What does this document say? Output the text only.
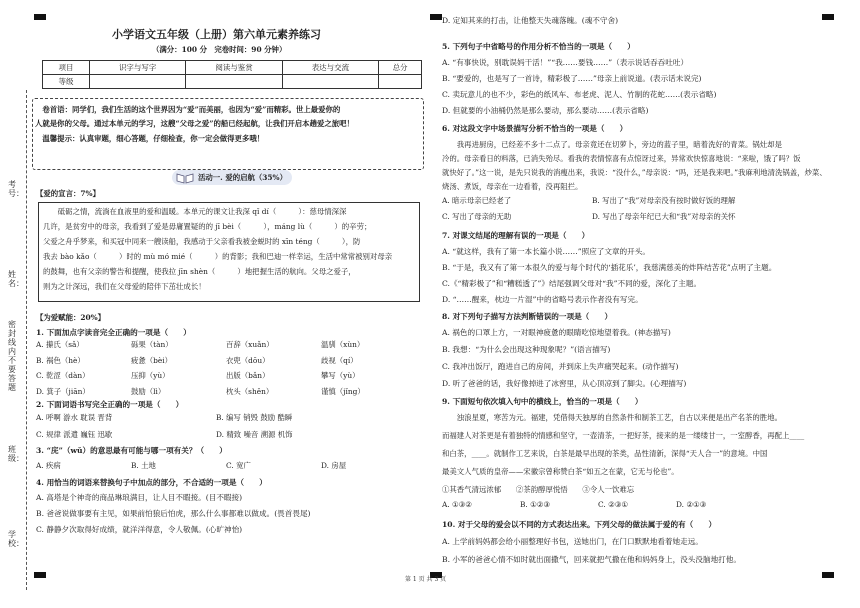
考号：
姓名：
密 封 线 内 不 要 答 题
班级：
学校：
小学语文五年级（上册）第六单元素养练习
（满分：100 分　完卷时间：90 分钟）
项目	识字与写字	阅读与鉴赏	表达与交流	总分
等级				
　卷首语：同学们，我们生活的这个世界因为“爱”而美丽，也因为“爱”而精彩。世上最爱你的
人就是你的父母。通过本单元的学习，这艘“父母之爱”的船已经起航，让我们开启本趟爱之旅吧！
　温馨提示：认真审题，细心答题，仔细检查，你一定会做得更多哦！
活动一. 爱的启航（35%）
【爱的宣言：7%】
　　砥砺之情，流淌在血液里的爱和温暖。本单元的课文让我深 qǐ dí（　　　）：慈母情深深
几许，是贫穷中的母亲，我看到了爱是毋庸置疑的的 jī bèi（　　　），máng lù（　　　）的辛劳；
父爱之舟乎梦来，和买冠中同来一艘读船，我感动于父亲看我被金蜕时的 xīn téng（　　　），防
我去 bào kǎo（　　　）时的 mù mó mié（　　　）的背影；我和巴迪一样幸运，生活中常常被别对母亲
的鼓舞，也有父亲的警告和提醒，使我拉 jīn shèn（　　　）地把握生活的航向。父母之爱子，
则为之计深远，我们在父母爱的陪伴下茁壮成长！
【为爱赋能：20%】
1. 下面加点字读音完全正确的一项是（　　）
A. 攥氏（sǎ）	砾果（tàn）	百辞（xuǎn）	温驯（xùn）
B. 祸色（hè）	疲惫（bèi）	衣兜（dōu）	歧视（qí）
C. 乾涩（dàn）	压抑（yù）	出版（bǎn）	攀写（yù）
D. 箕子（jiān）	鼓励（lì）	枕头（shěn）	谨慎（jǐng）
2. 下面词语书写完全正确的一项是（　　）
A. 呼啊 游水 耽误 晋背	B. 编写 销毁 鼓励 酷瞬
C. 规律 派遣 巍钰 迅歇	D. 精致 噪音 溯源 机饰
3. “庑”（wǔ）的意思最有可能与哪一项有关？（　　）
A. 疾病	B. 土地	C. 宽广	D. 房屋
4. 用恰当的词语来替换句子中加点的部分，不合适的一项是（　　）
A. 高塔是个神奇的商品琳琅满目，让人目不暇接。(目不暇接)
B. 爸爸说做事要有主见，如果前怕狼后怕虎，那么什么事都难以做成。(畏首畏尾)
C. 静静夕次取得好成绩，就洋洋得意，令人敬佩。(心旷神怡)
D. 定知其来的打击，让他整天失魂落魄。(魂不守舍)
5. 下列句子中省略号的作用分析不恰当的一项是（　　）
A. “有事快说，别耽误妈干活！”“我……要钱……”（表示说话吞吞吐吐）
B. “要爱的，也是写了一首诗，精彩极了……”母亲上前说道。(表示话未说完)
C. 卖玩意儿的也不少，彩色的纸风车、布老虎、泥人、竹制的花蛇……(表示省略)
D. 但就要的小油桶仍然是那么要动，那么要动……(表示省略)
6. 对这段文字中场景描写分析不恰当的一项是（　　）
　　我再进厨房，已经差不多十二点了。母亲竟还在切萝卜，旁边的蓝子里，暗着洗好的青菜。锅灶却是
冷的。母亲看日的料落，已消失殆尽。看我的表情惊喜有点惊讶过来，异常欢快惊喜地说：“来啦，饿了吗？饭
就快好了。”这一说，是先只说我的消瘦出来，我说：“没什么，”母亲说：“吗，还是我来吧。”我麻利地清洗锅盖，炒菜、
烧汤、煮饭，母亲在一边看着，没再阻拦。
A. 暗示母亲已经老了	B. 写出了“我”对母亲没有按时做好饭的理解
C. 写出了母亲的无助	D. 写出了母亲年纪已大和“我”对母亲的关怀
7. 对课文结尾的理解有误的一项是（　　）
A. “就这样，我有了第一本长篇小说……”照应了文章的开头。
B. “于是，我又有了第一本很久的爱与每个时代的‘插花乐’，我慈满慈美的炸阵结苦花”点明了主题。
C.《“精彩极了”和“糟糕透了”》结尾强调父母对“我”不同的爱，深化了主题。
D. “……醒来，枕边一片湿”中的省略号表示作者没有写完。
8. 对下列句子描写方法判断错误的一项是（　　）
A. 祸色的口罩上方，一对眼神疲惫的眼睛吃惊地望着我。(神态描写)
B. 我想：“为什么会出现这种现象呢？”(语言描写)
C. 我冲出饭厅，跑进自己的房间，并到床上失声痛哭起来。(动作描写)
D. 听了爸爸的话，我好像掉进了冰窖里，从心顶凉到了脚尖。(心理描写)
9. 下面短句依次填入句中的横线上，恰当的一项是（　　）
　　浊浪星夏，寒苦为元。福建，凭借得天独厚的自然条件和制茶工艺，自古以来便是出产名茶的胜地。
而福建人对茶更是有着独特的情感和坚守，一壶清茶，一把好茶，接来的是一缕缕甘一，一室醇香，再配上____
和白茶，____。就制作工艺来说，白茶是最早出现的茶类，品性清新，深得“天人合一”的意境。中国
最美文人气质的皇帝——宋徽宗曾称赞白茶“如五之在蒙，它无与伦也”。
①其香气清远浓郁　　②茶韵醇厚悦悟　　③令人一饮难忘
A. ①③②	B. ①②③	C. ②③①	D. ②①③
10. 对于父母的爱会以不同的方式表达出来。下列父母的做法属于爱的有（　　）
A. 上学前妈妈都会给小丽整理好书包，送她出门，在门口默默地看着她走远。
B. 小军的爸爸心情不如时就出面撒气，回来就把气撒在他和妈妈身上，没头没脑地打他。
第 1 页 共 3 页
